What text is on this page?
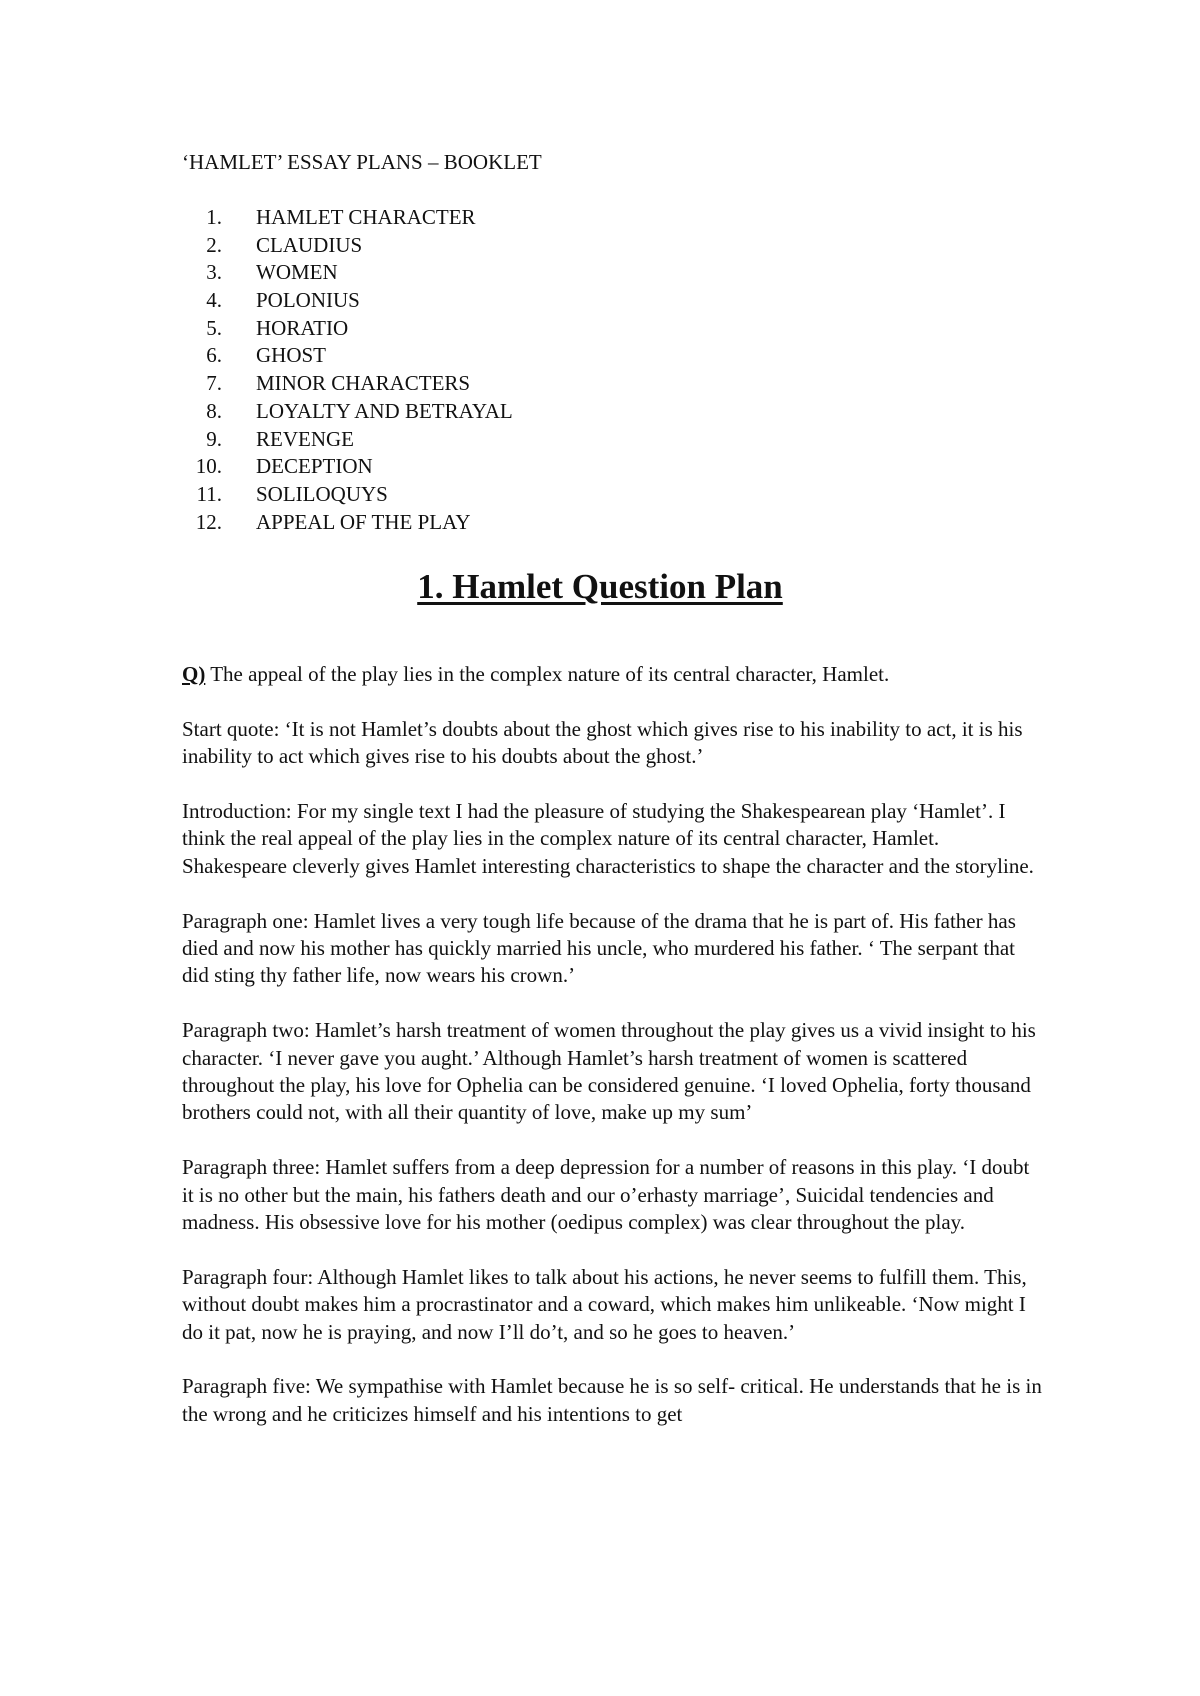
‘HAMLET’ ESSAY PLANS – BOOKLET
1. HAMLET CHARACTER
2. CLAUDIUS
3. WOMEN
4. POLONIUS
5. HORATIO
6. GHOST
7. MINOR CHARACTERS
8. LOYALTY AND BETRAYAL
9. REVENGE
10. DECEPTION
11. SOLILOQUYS
12. APPEAL OF THE PLAY
1. Hamlet Question Plan

Q) The appeal of the play lies in the complex nature of its central character, Hamlet.

Start quote: ‘It is not Hamlet’s doubts about the ghost which gives rise to his inability to act, it is his inability to act which gives rise to his doubts about the ghost.’

Introduction: For my single text I had the pleasure of studying the Shakespearean play ‘Hamlet’. I think the real appeal of the play lies in the complex nature of its central character, Hamlet. Shakespeare cleverly gives Hamlet interesting characteristics to shape the character and the storyline.

Paragraph one: Hamlet lives a very tough life because of the drama that he is part of. His father has died and now his mother has quickly married his uncle, who murdered his father. ‘ The serpant that did sting thy father life, now wears his crown.’

Paragraph two: Hamlet’s harsh treatment of women throughout the play gives us a vivid insight to his character. ‘I never gave you aught.’ Although Hamlet’s harsh treatment of women is scattered throughout the play, his love for Ophelia can be considered genuine. ‘I loved Ophelia, forty thousand brothers could not, with all their quantity of love, make up my sum’

Paragraph three: Hamlet suffers from a deep depression for a number of reasons in this play. ‘I doubt it is no other but the main, his fathers death and our o’erhasty marriage’, Suicidal tendencies and madness. His obsessive love for his mother (oedipus complex) was clear throughout the play.

Paragraph four: Although Hamlet likes to talk about his actions, he never seems to fulfill them. This, without doubt makes him a procrastinator and a coward, which makes him unlikeable. ‘Now might I do it pat, now he is praying, and now I’ll do’t, and so he goes to heaven.’

Paragraph five: We sympathise with Hamlet because he is so self- critical. He understands that he is in the wrong and he criticizes himself and his intentions to get
